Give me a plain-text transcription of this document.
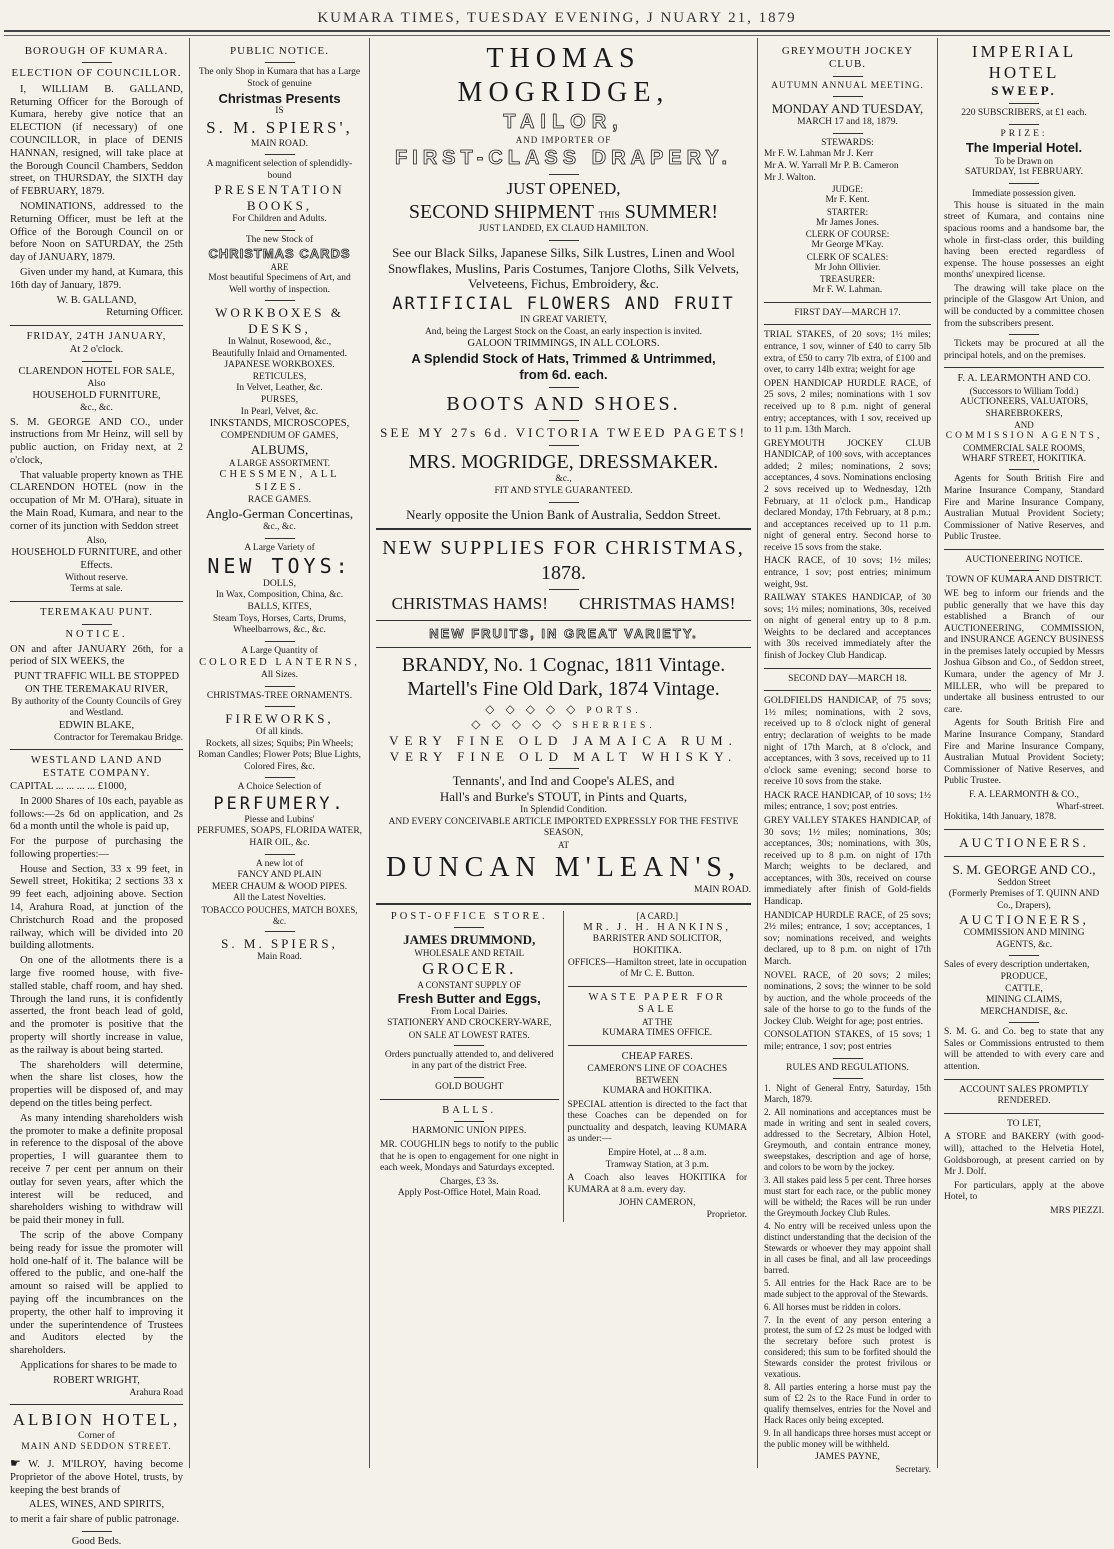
KUMARA TIMES, TUESDAY EVENING, J NUARY 21, 1879
BOROUGH OF KUMARA.
ELECTION OF COUNCILLOR.

I, WILLIAM B. GALLAND, Returning Officer for the Borough of Kumara, hereby give notice that an ELECTION (if necessary) of one COUNCILLOR, in place of DENIS HANNAN, resigned, will take place at the Borough Council Chambers, Seddon street, on THURSDAY, the SIXTH day of FEBRUARY, 1879.

NOMINATIONS, addressed to the Returning Officer, must be left at the Office of the Borough Council on or before Noon on SATURDAY, the 25th day of JANUARY, 1879.

Given under my hand, at Kumara, this 16th day of January, 1879.

W. B. GALLAND,
Returning Officer.
FRIDAY, 24TH JANUARY,
At 2 o'clock.
CLARENDON HOTEL FOR SALE,
Also
HOUSEHOLD FURNITURE,
&c., &c.

S. M. GEORGE AND CO., under instructions from Mr Heinz, will sell by public auction, on Friday next, at 2 o'clock,

That valuable property known as THE CLARENDON HOTEL (now in the occupation of Mr M. O'Hara), situate in the Main Road, Kumara, and near to the corner of its junction with Seddon street

Also,
HOUSEHOLD FURNITURE, and other Effects.
Without reserve.
Terms at sale.
TEREMAKAU PUNT.
NOTICE.

ON and after JANUARY 26th, for a period of SIX WEEKS, the

PUNT TRAFFIC WILL BE STOPPED
ON THE TEREMAKAU RIVER,
By authority of the County Councils of Grey and Westland.
EDWIN BLAKE,
Contractor for Teremakau Bridge.
WESTLAND LAND AND ESTATE COMPANY.
CAPITAL ... ... ... ... £1000,

In 2000 Shares of 10s each, payable as follows:—2s 6d on application, and 2s 6d a month until the whole is paid up,

For the purpose of purchasing the following properties:—

House and Section, 33 x 99 feet, in Sewell street, Hokitika; 2 sections 33 x 99 feet each, adjoining above. Section 14, Arahura Road, at junction of the Christchurch Road and the proposed railway, which will be divided into 20 building allotments.

On one of the allotments there is a large five roomed house, with five-stalled stable, chaff room, and hay shed. Through the land runs, it is confidently asserted, the front beach lead of gold, and the promoter is positive that the property will shortly increase in value, as the railway is about being started.

The shareholders will determine, when the share list closes, how the properties will be disposed of, and may depend on the titles being perfect.

As many intending shareholders wish the promoter to make a definite proposal in reference to the disposal of the above properties, I will guarantee them to receive 7 per cent per annum on their outlay for seven years, after which the interest will be reduced, and shareholders wishing to withdraw will be paid their money in full.

The scrip of the above Company being ready for issue the promoter will hold one-half of it. The balance will be offered to the public, and one-half the amount so raised will be applied to paying off the incumbrances on the property, the other half to improving it under the superintendence of Trustees and Auditors elected by the shareholders.

Applications for shares to be made to

ROBERT WRIGHT,
Arahura Road
ALBION HOTEL,
Corner of
MAIN AND SEDDON STREET.

☛ W. J. M'ILROY, having become Proprietor of the above Hotel, trusts, by keeping the best brands of

ALES, WINES, AND SPIRITS,

to merit a fair share of public patronage.

Good Beds.
PUBLIC NOTICE.
The only Shop in Kumara that has a Large Stock of genuine
Christmas Presents
IS
S. M. SPIERS',
MAIN ROAD.
A magnificent selection of splendidly-bound
PRESENTATION BOOKS,
For Children and Adults.
The new Stock of
CHRISTMAS CARDS
ARE
Most beautiful Specimens of Art, and
Well worthy of inspection.
WORKBOXES & DESKS,
In Walnut, Rosewood, &c.,
Beautifully Inlaid and Ornamented.
JAPANESE WORKBOXES.
RETICULES,
In Velvet, Leather, &c.
PURSES,
In Pearl, Velvet, &c.
INKSTANDS, MICROSCOPES,
COMPENDIUM OF GAMES,
ALBUMS,
A LARGE ASSORTMENT.
CHESSMEN, ALL SIZES.
RACE GAMES.
Anglo-German Concertinas,
&c., &c.
A Large Variety of
NEW TOYS:
DOLLS,
In Wax, Composition, China, &c.
BALLS, KITES,
Steam Toys, Horses, Carts, Drums, Wheelbarrows, &c., &c.
A Large Quantity of
COLORED LANTERNS,
All Sizes.
CHRISTMAS-TREE ORNAMENTS.
FIREWORKS,
Of all kinds.
Rockets, all sizes; Squibs; Pin Wheels; Roman Candles; Flower Pots; Blue Lights, Colored Fires, &c.
A Choice Selection of
PERFUMERY.
Piesse and Lubins'
PERFUMES, SOAPS, FLORIDA WATER, HAIR OIL, &c.
A new lot of
FANCY AND PLAIN
MEER CHAUM & WOOD PIPES.
All the Latest Novelties.
TOBACCO POUCHES, MATCH BOXES, &c.
S. M. SPIERS,
Main Road.
THOMAS MOGRIDGE,
TAILOR,
AND IMPORTER OF
FIRST-CLASS DRAPERY.
JUST OPENED,
SECOND SHIPMENT THIS SUMMER!
JUST LANDED, EX CLAUD HAMILTON.

See our Black Silks, Japanese Silks, Silk Lustres, Linen and Wool Snowflakes, Muslins, Paris Costumes, Tanjore Cloths, Silk Velvets, Velveteens, Fichus, Embroidery, &c.

ARTIFICIAL FLOWERS AND FRUIT
IN GREAT VARIETY,
And, being the Largest Stock on the Coast, an early inspection is invited.
GALOON TRIMMINGS, IN ALL COLORS.
A Splendid Stock of Hats, Trimmed & Untrimmed,
from 6d. each.
BOOTS AND SHOES.
SEE MY 27s 6d. VICTORIA TWEED PAGETS!
MRS. MOGRIDGE, DRESSMAKER.
&c.,
FIT AND STYLE GUARANTEED.
Nearly opposite the Union Bank of Australia, Seddon Street.
NEW SUPPLIES FOR CHRISTMAS,
1878.
CHRISTMAS HAMS! CHRISTMAS HAMS!
NEW FRUITS, IN GREAT VARIETY.
BRANDY, No. 1 Cognac, 1811 Vintage.
Martell's Fine Old Dark, 1874 Vintage.
◇ ◇ ◇ ◇ ◇ PORTS.
◇ ◇ ◇ ◇ ◇ SHERRIES.
VERY FINE OLD JAMAICA RUM.
VERY FINE OLD MALT WHISKY.
Tennants', and Ind and Coope's ALES, and
Hall's and Burke's STOUT, in Pints and Quarts,
In Splendid Condition.
AND EVERY CONCEIVABLE ARTICLE IMPORTED EXPRESSLY FOR THE FESTIVE SEASON,
AT
DUNCAN M'LEAN'S,
MAIN ROAD.
POST-OFFICE STORE.
JAMES DRUMMOND,
WHOLESALE AND RETAIL
GROCER.
A CONSTANT SUPPLY OF
Fresh Butter and Eggs,
From Local Dairies.
STATIONERY AND CROCKERY-WARE,
ON SALE AT LOWEST RATES.
Orders punctually attended to, and delivered in any part of the district Free.
GOLD BOUGHT
BALLS.
HARMONIC UNION PIPES.

MR. COUGHLIN begs to notify to the public that he is open to engagement for one night in each week, Mondays and Saturdays excepted.

Charges, £3 3s.
Apply Post-Office Hotel, Main Road.
[A CARD.]
MR. J. H. HANKINS,
BARRISTER AND SOLICITOR,
HOKITIKA.
OFFICES—Hamilton street, late in occupation of Mr C. E. Button.
WASTE PAPER FOR SALE
AT THE
KUMARA TIMES OFFICE.
CHEAP FARES.
CAMERON'S LINE OF COACHES
BETWEEN
KUMARA and HOKITIKA.

SPECIAL attention is directed to the fact that these Coaches can be depended on for punctuality and despatch, leaving KUMARA as under:—

Empire Hotel, at ... 8 a.m.
Tramway Station, at 3 p.m.

A Coach also leaves HOKITIKA for KUMARA at 8 a.m. every day.

JOHN CAMERON,
Proprietor.
GREYMOUTH JOCKEY CLUB.
AUTUMN ANNUAL MEETING.
MONDAY AND TUESDAY,
MARCH 17 and 18, 1879.
STEWARDS:
Mr F. W. Lahman Mr J. Kerr
Mr A. W. Yarrall Mr P. B. Cameron
Mr J. Walton.
JUDGE:
Mr F. Kent.
STARTER:
Mr James Jones.
CLERK OF COURSE:
Mr George M'Kay.
CLERK OF SCALES:
Mr John Ollivier.
TREASURER:
Mr F. W. Lahman.
FIRST DAY—MARCH 17.

TRIAL STAKES, of 20 sovs; 1½ miles; entrance, 1 sov, winner of £40 to carry 5lb extra, of £50 to carry 7lb extra, of £100 and over, to carry 14lb extra; weight for age

OPEN HANDICAP HURDLE RACE, of 25 sovs, 2 miles; nominations with 1 sov received up to 8 p.m. night of general entry; acceptances, with 1 sov, received up to 11 p.m. 13th March.

GREYMOUTH JOCKEY CLUB HANDICAP, of 100 sovs, with acceptances added; 2 miles; nominations, 2 sovs; acceptances, 4 sovs. Nominations enclosing 2 sovs received up to Wednesday, 12th February, at 11 o'clock p.m., Handicap declared Monday, 17th February, at 8 p.m.; and acceptances received up to 11 p.m. night of general entry. Second horse to receive 15 sovs from the stake.

HACK RACE, of 10 sovs; 1½ miles; entrance, 1 sov; post entries; minimum weight, 9st.

RAILWAY STAKES HANDICAP, of 30 sovs; 1½ miles; nominations, 30s, received on night of general entry up to 8 p.m. Weights to be declared and acceptances with 30s received immediately after the finish of Jockey Club Handicap.

SECOND DAY—MARCH 18.

GOLDFIELDS HANDICAP, of 75 sovs; 1½ miles; nominations, with 2 sovs, received up to 8 o'clock night of general entry; declaration of weights to be made night of 17th March, at 8 o'clock, and acceptances, with 3 sovs, received up to 11 o'clock same evening; second horse to receive 10 sovs from the stake.

HACK RACE HANDICAP, of 10 sovs; 1½ miles; entrance, 1 sov; post entries.

GREY VALLEY STAKES HANDICAP, of 30 sovs; 1½ miles; nominations, 30s; acceptances, 30s; nominations, with 30s, received up to 8 p.m. on night of 17th March; weights to be declared, and acceptances, with 30s, received on course immediately after finish of Gold-fields Handicap.

HANDICAP HURDLE RACE, of 25 sovs; 2½ miles; entrance, 1 sov; acceptances, 1 sov; nominations received, and weights declared, up to 8 p.m. on night of 17th March.

NOVEL RACE, of 20 sovs; 2 miles; nominations, 2 sovs; the winner to be sold by auction, and the whole proceeds of the sale of the horse to go to the funds of the Jockey Club. Weight for age; post entries.

CONSOLATION STAKES, of 15 sovs; 1 mile; entrance, 1 sov; post entries

RULES AND REGULATIONS.

1. Night of General Entry, Saturday, 15th March, 1879.

2. All nominations and acceptances must be made in writing and sent in sealed covers, addressed to the Secretary, Albion Hotel, Greymouth, and contain entrance money, sweepstakes, description and age of horse, and colors to be worn by the jockey.

3. All stakes paid less 5 per cent. Three horses must start for each race, or the public money will be witheld; the Races will be run under the Greymouth Jockey Club Rules.

4. No entry will be received unless upon the distinct understanding that the decision of the Stewards or whoever they may appoint shall in all cases be final, and all law proceedings barred.

5. All entries for the Hack Race are to be made subject to the approval of the Stewards.

6. All horses must be ridden in colors.

7. In the event of any person entering a protest, the sum of £2 2s must be lodged with the secretary before such protest is considered; this sum to be forfited should the Stewards consider the protest frivilous or vexatious.

8. All parties entering a horse must pay the sum of £2 2s to the Race Fund in order to qualify themselves, entries for the Novel and Hack Races only being excepted.

9. In all handicaps three horses must accept or the public money will be withheld.

JAMES PAYNE,
Secretary.
IMPERIAL HOTEL
SWEEP.
220 SUBSCRIBERS, at £1 each.
PRIZE:
The Imperial Hotel.
To be Drawn on
SATURDAY, 1st FEBRUARY.
Immediate possession given.

This house is situated in the main street of Kumara, and contains nine spacious rooms and a handsome bar, the whole in first-class order, this building having been erected regardless of expense. The house possesses an eight months' unexpired license.

The drawing will take place on the principle of the Glasgow Art Union, and will be conducted by a committee chosen from the subscribers present.

Tickets may be procured at all the principal hotels, and on the premises.

F. A. LEARMONTH AND CO.
(Successors to William Todd.)
AUCTIONEERS, VALUATORS,
SHAREBROKERS,
AND
COMMISSION AGENTS,
COMMERCIAL SALE ROOMS,
WHARF STREET, HOKITIKA.

Agents for South British Fire and Marine Insurance Company, Standard Fire and Marine Insurance Company, Australian Mutual Provident Society; Commissioner of Native Reserves, and Public Trustee.

AUCTIONEERING NOTICE.
TOWN OF KUMARA AND DISTRICT.

WE beg to inform our friends and the public generally that we have this day established a Branch of our AUCTIONEERING, COMMISSION, and INSURANCE AGENCY BUSINESS in the premises lately occupied by Messrs Joshua Gibson and Co., of Seddon street, Kumara, under the agency of Mr J. MILLER, who will be prepared to undertake all business entrusted to our care.

Agents for South British Fire and Marine Insurance Company, Standard Fire and Marine Insurance Company, Australian Mutual Provident Society; Commissioner of Native Reserves, and Public Trustee.

F. A. LEARMONTH & CO.,
Wharf-street.
Hokitika, 14th January, 1878.
AUCTIONEERS.
S. M. GEORGE AND CO.,
Seddon Street
(Formerly Premises of T. QUINN AND Co., Drapers),
AUCTIONEERS,
COMMISSION AND MINING AGENTS, &c.
Sales of every description undertaken,
PRODUCE,
CATTLE,
MINING CLAIMS,
MERCHANDISE, &c.

S. M. G. and Co. beg to state that any Sales or Commissions entrusted to them will be attended to with every care and attention.

ACCOUNT SALES PROMPTLY RENDERED.
TO LET,

A STORE and BAKERY (with good-will), attached to the Helvetia Hotel, Goldsborough, at present carried on by Mr J. Dolf.

For particulars, apply at the above Hotel, to

MRS PIEZZI.
